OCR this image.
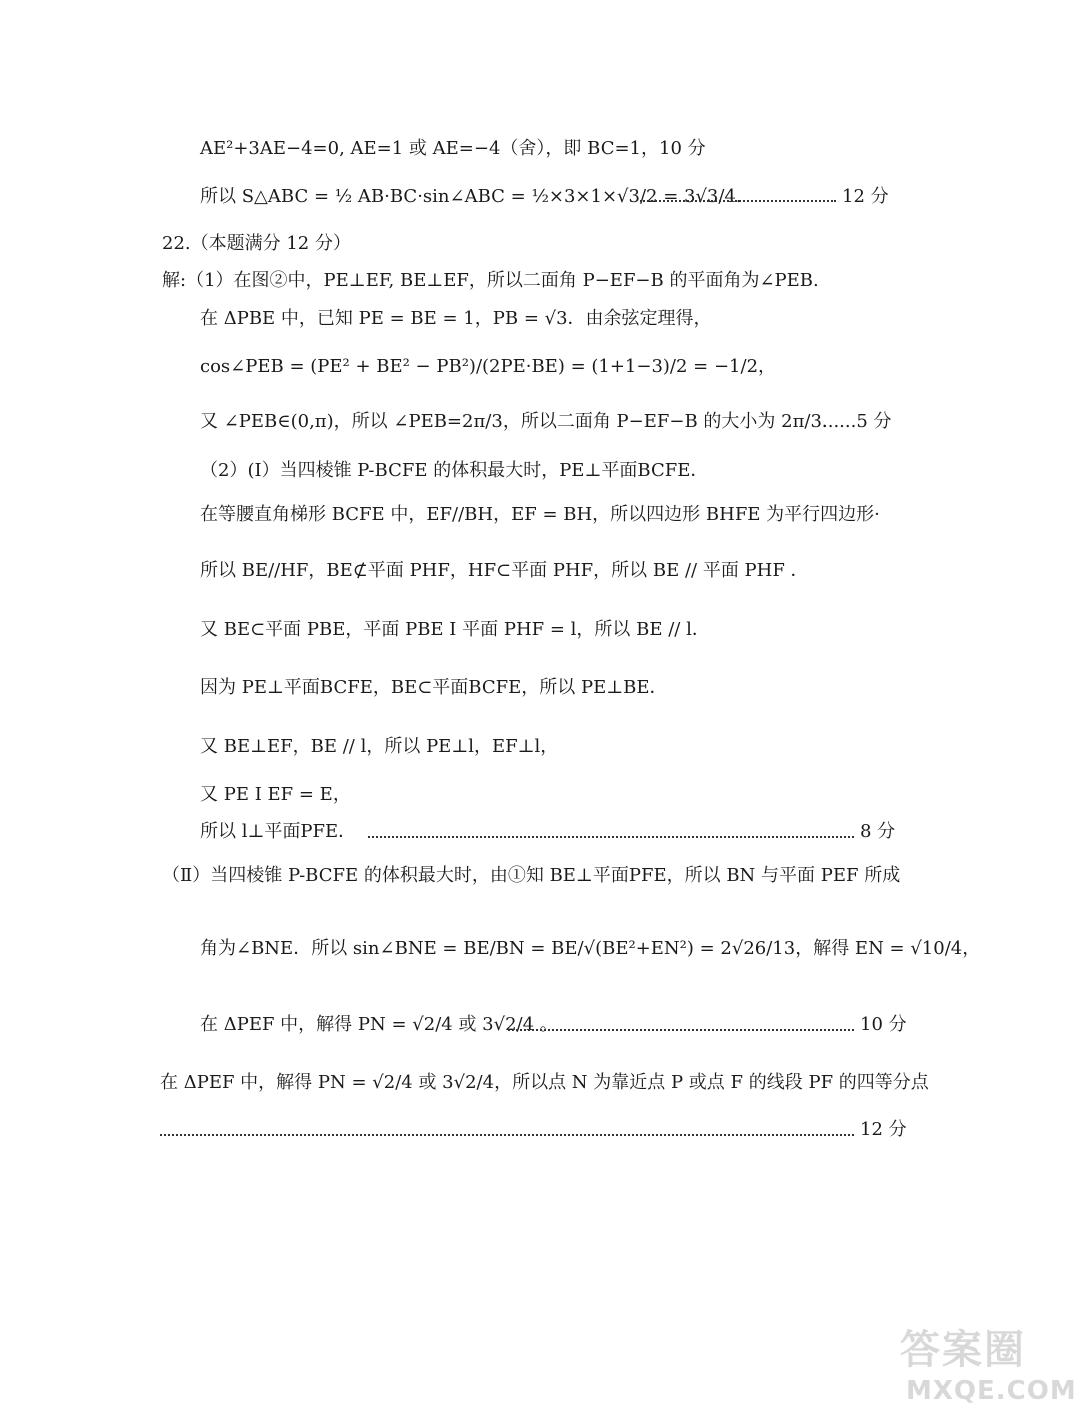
AE²+3AE−4=0, AE=1 或 AE=−4（舍），即 BC=1，10 分
所以 S△ABC = ½ AB·BC·sin∠ABC = ½×3×1×√3/2 = 3√3/4.	12 分
22.（本题满分 12 分）
解:（1）在图②中，PE⊥EF, BE⊥EF，所以二面角 P−EF−B 的平面角为∠PEB.
在 ΔPBE 中，已知 PE = BE = 1，PB = √3．由余弦定理得，
cos∠PEB = (PE² + BE² − PB²)/(2PE·BE) = (1+1−3)/2 = −1/2，
又 ∠PEB∈(0,π)，所以 ∠PEB=2π/3，所以二面角 P−EF−B 的大小为 2π/3．
......5 分
（2）(Ⅰ）当四棱锥 P-BCFE 的体积最大时，PE⊥平面BCFE．
在等腰直角梯形 BCFE 中，EF//BH，EF = BH，所以四边形 BHFE 为平行四边形·
所以 BE//HF，BE⊄平面 PHF，HF⊂平面 PHF，所以 BE // 平面 PHF ．
又 BE⊂平面 PBE，平面 PBE I 平面 PHF = l，所以 BE // l．
因为 PE⊥平面BCFE，BE⊂平面BCFE，所以 PE⊥BE．
又 BE⊥EF，BE // l，所以 PE⊥l，EF⊥l，
又 PE I EF = E，
所以 l⊥平面PFE．	8 分
（Ⅱ）当四棱锥 P-BCFE 的体积最大时，由①知 BE⊥平面PFE，所以 BN 与平面 PEF 所成
角为∠BNE．所以 sin∠BNE = BE/BN = BE/√(BE²+EN²) = 2√26/13，解得 EN = √10/4，
在 ΔPEF 中，解得 PN = √2/4 或 3√2/4 。	10 分
在 ΔPEF 中，解得 PN = √2/4 或 3√2/4，所以点 N 为靠近点 P 或点 F 的线段 PF 的四等分点
12 分
答案圈
MXQE.COM
